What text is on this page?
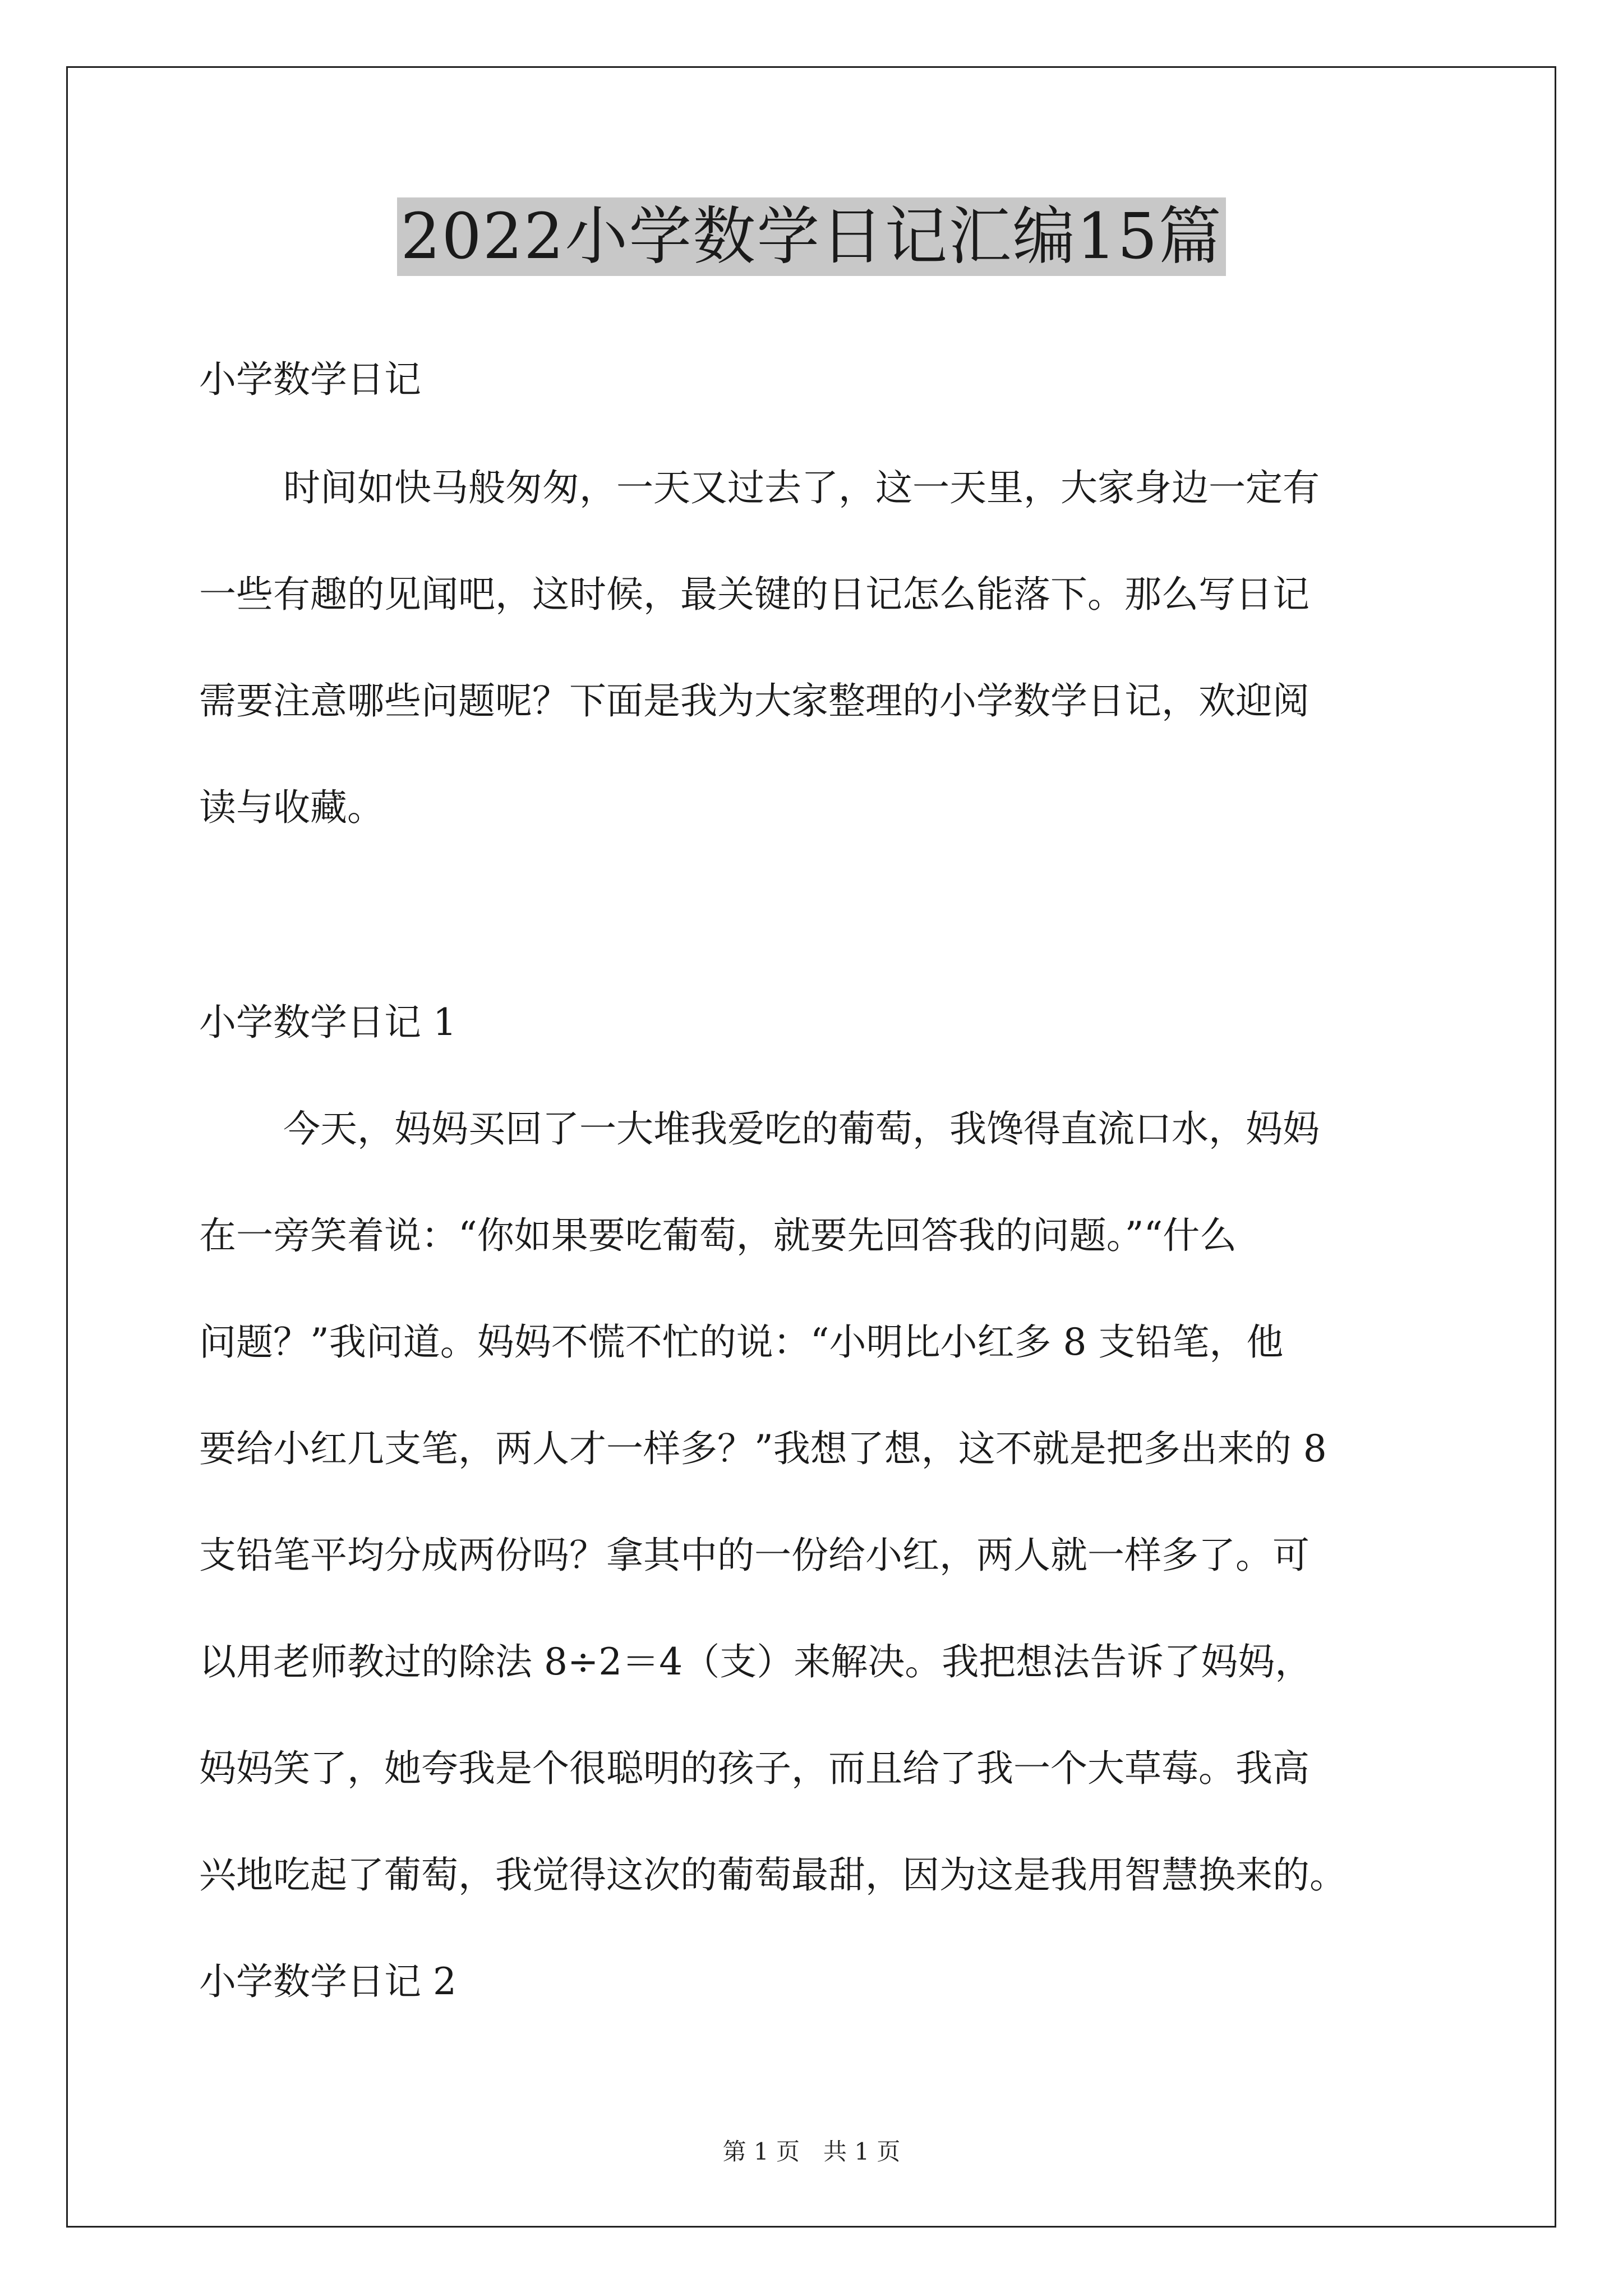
2022小学数学日记汇编15篇
小学数学日记
时间如快马般匆匆，一天又过去了，这一天里，大家身边一定有
一些有趣的见闻吧，这时候，最关键的日记怎么能落下。那么写日记
需要注意哪些问题呢？下面是我为大家整理的小学数学日记，欢迎阅
读与收藏。
小学数学日记 1
今天，妈妈买回了一大堆我爱吃的葡萄，我馋得直流口水，妈妈
在一旁笑着说：“你如果要吃葡萄，就要先回答我的问题。”“什么
问题？”我问道。妈妈不慌不忙的说：“小明比小红多 8 支铅笔，他
要给小红几支笔，两人才一样多？”我想了想，这不就是把多出来的 8
支铅笔平均分成两份吗？拿其中的一份给小红，两人就一样多了。可
以用老师教过的除法 8÷2＝4（支）来解决。我把想法告诉了妈妈，
妈妈笑了，她夸我是个很聪明的孩子，而且给了我一个大草莓。我高
兴地吃起了葡萄，我觉得这次的葡萄最甜，因为这是我用智慧换来的。
小学数学日记 2
第 1 页　共 1 页
